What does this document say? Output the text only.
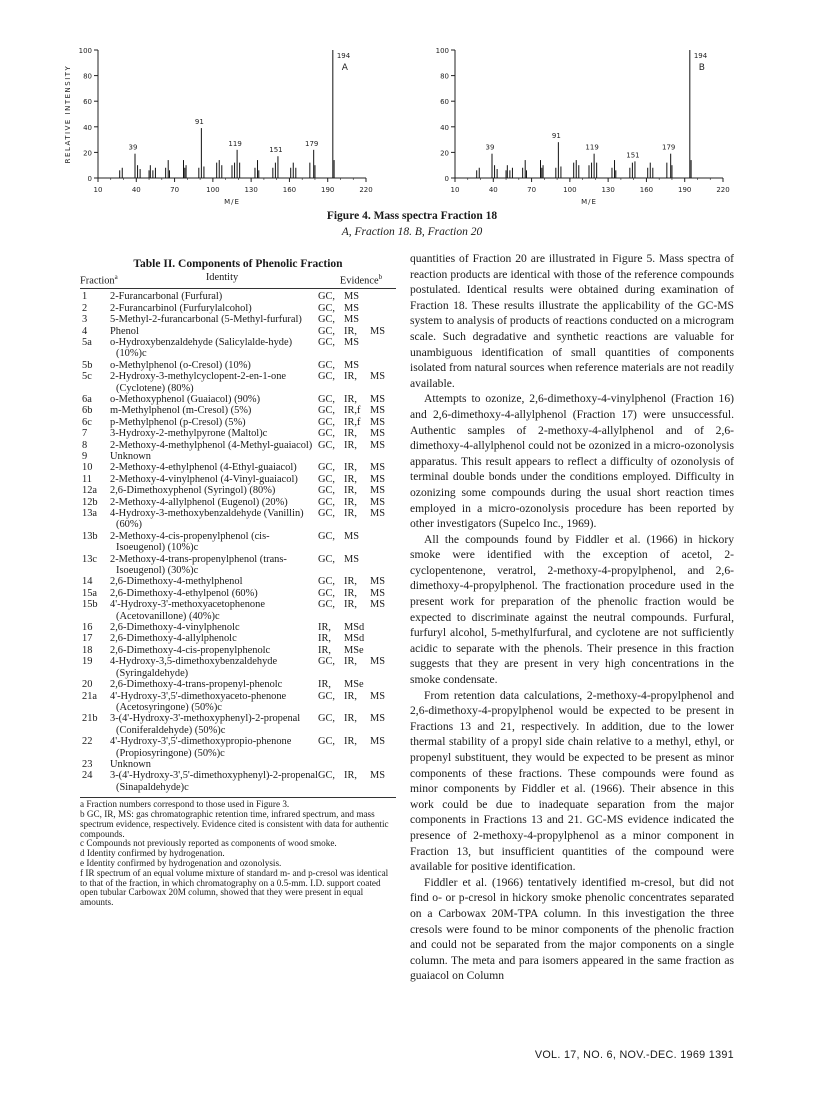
0
20
40
60
80
100
10	40	70	100	130	160	190	220
39
91
119
151
179
194
A
M/E
RELATIVE INTENSITY
0
20
40
60
80
100
10	40	70	100	130	160	190	220
39
91
119
151
179
194
B
M/E
Figure 4. Mass spectra Fraction 18
A, Fraction 18. B, Fraction 20
Table II. Components of Phenolic Fraction
Fraction$^a$	Identity	Evidence$^b$
1	2-Furancarbonal (Furfural)	GC, MS
2	2-Furancarbinol (Furfurylalcohol)	GC, MS
3	5-Methyl-2-furancarbonal (5-Methyl-furfural)	GC, MS
4	Phenol	GC, IR,	MS
5a	o-Hydroxybenzaldehyde (Salicylalde-hyde) (10%)c
GC, MS
5b	o-Methylphenol (o-Cresol) (10%)	GC, MS
5c	2-Hydroxy-3-methylcyclopent-2-en-1-one (Cyclotene) (80%)
GC, IR,	MS
6a	o-Methoxyphenol (Guaiacol) (90%)	GC, IR,	MS
6b	m-Methylphenol (m-Cresol) (5%)	GC, IR,f MS
6c	p-Methylphenol (p-Cresol) (5%)	GC, IR,f MS
7	3-Hydroxy-2-methylpyrone (Maltol)c	GC, IR,	MS
8	2-Methoxy-4-methylphenol (4-Methyl-guaiacol) GC, IR,	MS
9	Unknown
10	2-Methoxy-4-ethylphenol (4-Ethyl-guaiacol)	GC, IR,	MS
11	2-Methoxy-4-vinylphenol (4-Vinyl-guaiacol)	GC, IR,	MS
12a	2,6-Dimethoxyphenol (Syringol) (80%)	GC, IR,	MS
12b	2-Methoxy-4-allylphenol (Eugenol) (20%)	GC, IR,	MS
13a	4-Hydroxy-3-methoxybenzaldehyde (Vanillin) (60%)
GC, IR,	MS
13b	2-Methoxy-4-cis-propenylphenol (cis-Isoeugenol) (10%)c
GC, MS
13c	2-Methoxy-4-trans-propenylphenol (trans-Isoeugenol) (30%)c
GC, MS
14	2,6-Dimethoxy-4-methylphenol	GC, IR,	MS
15a	2,6-Dimethoxy-4-ethylpenol (60%)	GC, IR,	MS
15b	4'-Hydroxy-3'-methoxyacetophenone (Acetovanillone) (40%)c
GC, IR,	MS
16	2,6-Dimethoxy-4-vinylphenolc	IR,	MSd
17	2,6-Dimethoxy-4-allylphenolc	IR,	MSd
18	2,6-Dimethoxy-4-cis-propenylphenolc	IR,	MSe
19	4-Hydroxy-3,5-dimethoxybenzaldehyde (Syringaldehyde)
GC, IR,	MS
20	2,6-Dimethoxy-4-trans-propenyl-phenolc	IR,	MSe
21a	4'-Hydroxy-3',5'-dimethoxyaceto-phenone (Acetosyringone) (50%)c
GC, IR,	MS
21b	3-(4'-Hydroxy-3'-methoxyphenyl)-2-propenal (Coniferaldehyde) (50%)c
GC, IR,	MS
22	4'-Hydroxy-3',5'-dimethoxypropio-phenone (Propiosyringone) (50%)c
GC, IR,	MS
23	Unknown
24	3-(4'-Hydroxy-3',5'-dimethoxyphenyl)-2-propenal (Sinapaldehyde)c
GC, IR,	MS
a Fraction numbers correspond to those used in Figure 3.
b GC, IR, MS: gas chromatographic retention time, infrared spectrum, and mass spectrum evidence, respectively. Evidence cited is consistent with data for authentic compounds.
c Compounds not previously reported as components of wood smoke.
d Identity confirmed by hydrogenation.
e Identity confirmed by hydrogenation and ozonolysis.
f IR spectrum of an equal volume mixture of standard m- and p-cresol was identical to that of the fraction, in which chromatography on a 0.5-mm. I.D. support coated open tubular Carbowax 20M column, showed that they were present in equal amounts.

quantities of Fraction 20 are illustrated in Figure 5. Mass spectra of reaction products are identical with those of the reference compounds postulated. Identical results were obtained during examination of Fraction 18. These results illustrate the applicability of the GC-MS system to analysis of products of reactions conducted on a microgram scale. Such degradative and synthetic reactions are valuable for unambiguous identification of small quantities of components isolated from natural sources when reference materials are not readily available.

Attempts to ozonize, 2,6-dimethoxy-4-vinylphenol (Fraction 16) and 2,6-dimethoxy-4-allylphenol (Fraction 17) were unsuccessful. Authentic samples of 2-methoxy-4-allylphenol and of 2,6-dimethoxy-4-allylphenol could not be ozonized in a micro-ozonolysis apparatus. This result appears to reflect a difficulty of ozonolysis of terminal double bonds under the conditions employed. Difficulty in ozonizing some compounds during the usual short reaction times employed in a micro-ozonolysis procedure has been reported by other investigators (Supelco Inc., 1969).

All the compounds found by Fiddler et al. (1966) in hickory smoke were identified with the exception of acetol, 2-cyclopentenone, veratrol, 2-methoxy-4-propylphenol, and 2,6-dimethoxy-4-propylphenol. The fractionation procedure used in the present work for preparation of the phenolic fraction would be expected to discriminate against the neutral compounds. Furfural, furfuryl alcohol, 5-methylfurfural, and cyclotene are not sufficiently acidic to separate with the phenols. Their presence in this fraction suggests that they are present in very high concentrations in the smoke condensate.

From retention data calculations, 2-methoxy-4-propylphenol and 2,6-dimethoxy-4-propylphenol would be expected to be present in Fractions 13 and 21, respectively. In addition, due to the lower thermal stability of a propyl side chain relative to a methyl, ethyl, or propenyl substituent, they would be expected to be present as minor components of these fractions. These compounds were found as minor components by Fiddler et al. (1966). Their absence in this work could be due to inadequate separation from the major components in Fractions 13 and 21. GC-MS evidence indicated the presence of 2-methoxy-4-propylphenol as a minor component in Fraction 13, but insufficient quantities of the compound were available for positive identification.

Fiddler et al. (1966) tentatively identified m-cresol, but did not find o- or p-cresol in hickory smoke phenolic concentrates separated on a Carbowax 20M-TPA column. In this investigation the three cresols were found to be minor components of the phenolic fraction and could not be separated from the major components on a single column. The meta and para isomers appeared in the same fraction as guaiacol on Column

VOL. 17, NO. 6, NOV.-DEC. 1969 1391
